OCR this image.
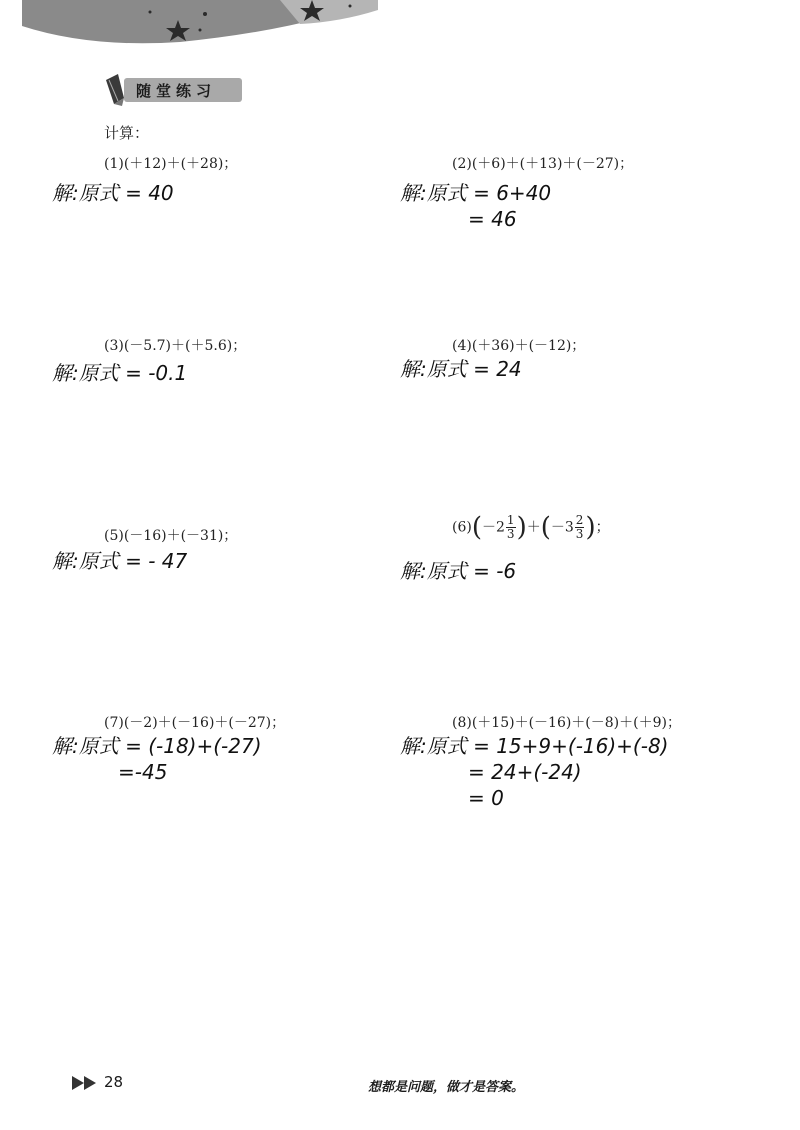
随堂练习
计算：
(1)(＋12)＋(＋28)；
解:原式 = 40
(2)(＋6)＋(＋13)＋(－27)；
解:原式 = 6+40
= 46
(3)(－5.7)＋(＋5.6)；
解:原式 = -0.1
(4)(＋36)＋(－12)；
解:原式 = 24
(5)(－16)＋(－31)；
解:原式 = - 47
$(6)(-2 \frac{1}{3} )+(-3 \frac{2}{3}$ )；
解:原式 = -6
(7)(－2)＋(－16)＋(－27)；
解:原式 = (-18)+(-27)
=-45
(8)(＋15)＋(－16)＋(－8)＋(＋9)；
解:原式 = 15+9+(-16)+(-8)
= 24+(-24)
= 0
28	想都是问题，做才是答案。
